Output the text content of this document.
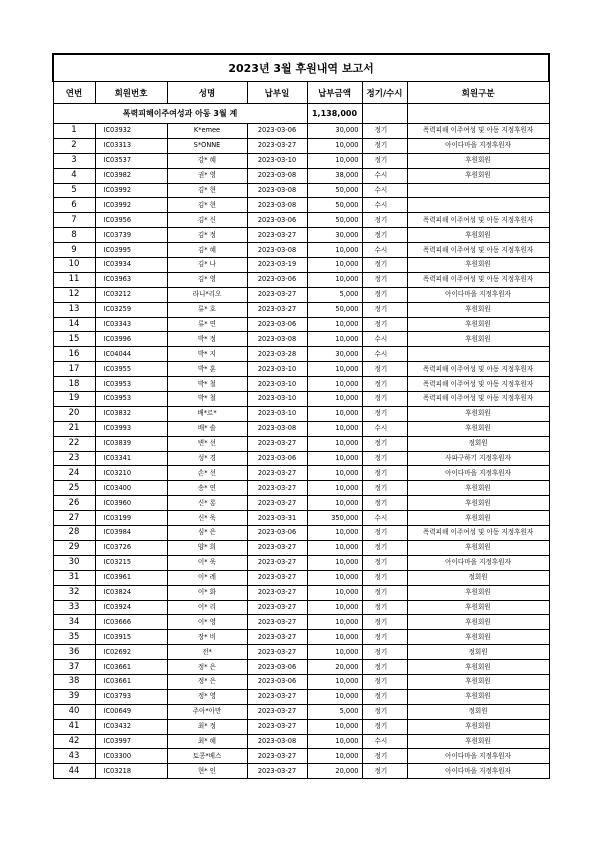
2023년 3월 후원내역 보고서						
연번	회원번호	성명	납부일	납부금액	정기/수시	회원구분
폭력피해이주여성과 아동 3월 계				1,138,000		
1	IC03932	K*emee	2023-03-06	30,000	정기	폭력피해 이주여성 및 아동 지정후원자
2	IC03313	S*ONNE	2023-03-27	10,000	정기	아이다마을 지정후원자
3	IC03537	강* 혜	2023-03-10	10,000	정기	후원회원
4	IC03982	권* 영	2023-03-08	38,000	수시	후원회원
5	IC03992	김* 현	2023-03-08	50,000	수시	
6	IC03992	김* 현	2023-03-08	50,000	수시	
7	IC03956	김* 신	2023-03-06	50,000	정기	폭력피해 이주여성 및 아동 지정후원자
8	IC03739	김* 정	2023-03-27	30,000	정기	후원회원
9	IC03995	김* 혜	2023-03-08	10,000	수시	폭력피해 이주여성 및 아동 지정후원자
10	IC03934	김* 나	2023-03-19	10,000	정기	후원회원
11	IC03963	김* 영	2023-03-06	10,000	정기	폭력피해 이주여성 및 아동 지정후원자
12	IC03212	라니*리오	2023-03-27	5,000	정기	아이다마을 지정후원자
13	IC03259	류* 호	2023-03-27	50,000	정기	후원회원
14	IC03343	류* 연	2023-03-06	10,000	정기	후원회원
15	IC03996	박* 정	2023-03-08	10,000	수시	후원회원
16	IC04044	박* 지	2023-03-28	30,000	수시	
17	IC03955	박* 훈	2023-03-10	10,000	정기	폭력피해 이주여성 및 아동 지정후원자
18	IC03953	박* 철	2023-03-10	10,000	정기	폭력피해 이주여성 및 아동 지정후원자
19	IC03953	박* 철	2023-03-10	10,000	정기	폭력피해 이주여성 및 아동 지정후원자
20	IC03832	배*르*	2023-03-10	10,000	정기	후원회원
21	IC03993	배* 솔	2023-03-08	10,000	수시	후원회원
22	IC03839	변* 선	2023-03-27	10,000	정기	정회원
23	IC03341	성* 경	2023-03-06	10,000	정기	사파구하기 지정후원자
24	IC03210	손* 선	2023-03-27	10,000	정기	아이다마을 지정후원자
25	IC03400	송* 연	2023-03-27	10,000	정기	후원회원
26	IC03960	신* 롱	2023-03-27	10,000	정기	후원회원
27	IC03199	신* 욱	2023-03-31	350,000	수시	후원회원
28	IC03984	심* 은	2023-03-06	10,000	정기	폭력피해 이주여성 및 아동 지정후원자
29	IC03726	양* 희	2023-03-27	10,000	정기	후원회원
30	IC03215	이* 욱	2023-03-27	10,000	정기	아이다마을 지정후원자
31	IC03961	이* 례	2023-03-27	10,000	정기	정회원
32	IC03824	이* 화	2023-03-27	10,000	정기	후원회원
33	IC03924	이* 리	2023-03-27	10,000	정기	후원회원
34	IC03666	이* 영	2023-03-27	10,000	정기	후원회원
35	IC03915	장* 비	2023-03-27	10,000	정기	후원회원
36	IC02692	전*	2023-03-27	10,000	정기	정회원
37	IC03661	정* 은	2023-03-06	20,000	정기	후원회원
38	IC03661	정* 은	2023-03-06	10,000	정기	후원회원
39	IC03793	정* 영	2023-03-27	10,000	정기	후원회원
40	IC00649	주아*아만	2023-03-27	5,000	정기	정회원
41	IC03432	최* 정	2023-03-27	10,000	정기	후원회원
42	IC03997	최* 혜	2023-03-08	10,000	수시	후원회원
43	IC03300	토콩*베스	2023-03-27	10,000	정기	아이다마을 지정후원자
44	IC03218	현* 인	2023-03-27	20,000	정기	아이다마을 지정후원자
